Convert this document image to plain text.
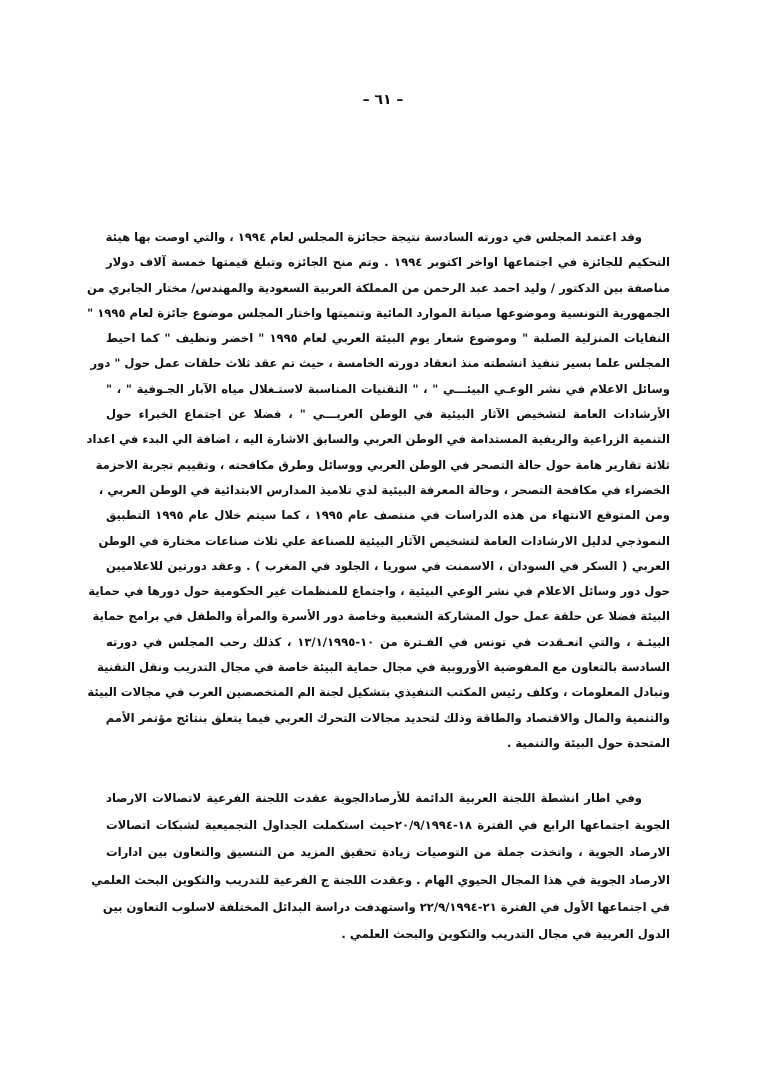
– ٦١ –
وقد اعتمد المجلس في دورته السادسة نتيجة حجائزة المجلس لعام ١٩٩٤ ، والتي اوصت بها هيئة
التحكيم للجائزة في اجتماعها اواخر اكتوبر ١٩٩٤ . وتم منح الجائزه وتبلغ قيمتها خمسة آلاف دولار
مناصفة بين الدكتور / وليد احمد عبد الرحمن من المملكة العربية السعودية والمهندس/ مختار الجابري من
الجمهورية التونسية وموضوعها صيانة الموارد المائية وتنميتها واختار المجلس موضوع جائزة لعام ١٩٩٥ "
النفايات المنزلية الصلبة " وموضوع شعار يوم البيئة العربي لعام ١٩٩٥ " اخضر ونظيف " كما احيط
المجلس علما بسير تنفيذ انشطته منذ انعقاد دورته الخامسة ، حيث تم عقد ثلاث حلقات عمل حول " دور
وسائل الاعلام في نشر الوعـي البيئـــي " ، " التقنيات المناسبة لاستـغلال مياه الآبار الجـوفية " ، "
الأرشادات العامة لتشخيص الآثار البيئية في الوطن العربـــي " ، فضلا عن اجتماع الخبراء حول
التنمية الزراعية والريفية المستدامة في الوطن العربي والسابق الاشارة اليه ، اضافة الي البدء في اعداد
ثلاثة تقارير هامة حول حالة التصحر في الوطن العربي ووسائل وطرق مكافحته ، وتقييم تجربة الاحزمة
الخضراء في مكافحة التصحر ، وحالة المعرفة البيئية لدي تلاميذ المدارس الابتدائية في الوطن العربي ،
ومن المتوقع الانتهاء من هذه الدراسات في منتصف عام ١٩٩٥ ، كما سيتم خلال عام ١٩٩٥ التطبيق
النموذجي لدليل الارشادات العامة لتشخيص الآثار البيئية للصناعة علي ثلاث صناعات مختارة في الوطن
العربي ( السكر في السودان ، الاسمنت في سوريا ، الجلود في المغرب ) . وعقد دورتين للاعلاميين
حول دور وسائل الاعلام في نشر الوعي البيئية ، واجتماع للمنظمات غير الحكومية حول دورها في حماية
البيئة فضلا عن حلقة عمل حول المشاركة الشعبية وخاصة دور الأسرة والمرأة والطفل في برامج حماية
البيئـة ، والتي انعـقدت في تونس في الفـترة من ١٠-١٣/١/١٩٩٥ ، كذلك رحب المجلس في دورته
السادسة بالتعاون مع المفوضية الأوروبية في مجال حماية البيئة خاصة في مجال التدريب ونقل التقنية
وتبادل المعلومات ، وكلف رئيس المكتب التنفيذي بتشكيل لجنة الم المتخصصين العرب في مجالات البيئة
والتنمية والمال والاقتصاد والطاقة وذلك لتحديد مجالات التحرك العربي فيما يتعلق بنتائج مؤتمر الأمم
المتحدة حول البيئة والتنمية .
وفي اطار انشطة اللجنة العربية الدائمة للأرصادالجوية عقدت اللجنة الفرعية لاتصالات الارصاد
الجوية اجتماعها الرابع في الفترة ١٨-٢٠/٩/١٩٩٤حيث استكملت الجداول التجميعية لشبكات اتصالات
الارصاد الجوية ، واتخذت جملة من التوصيات زيادة تحقيق المزيد من التنسيق والتعاون بين ادارات
الارصاد الجوية في هذا المجال الحيوي الهام . وعقدت اللجنة ج الفرعية للتدريب والتكوين البحث العلمي
في اجتماعها الأول في الفترة ٢١-٢٢/٩/١٩٩٤ واستهدفت دراسة البدائل المختلفة لاسلوب التعاون بين
الدول العربية في مجال التدريب والتكوين والبحث العلمي .
